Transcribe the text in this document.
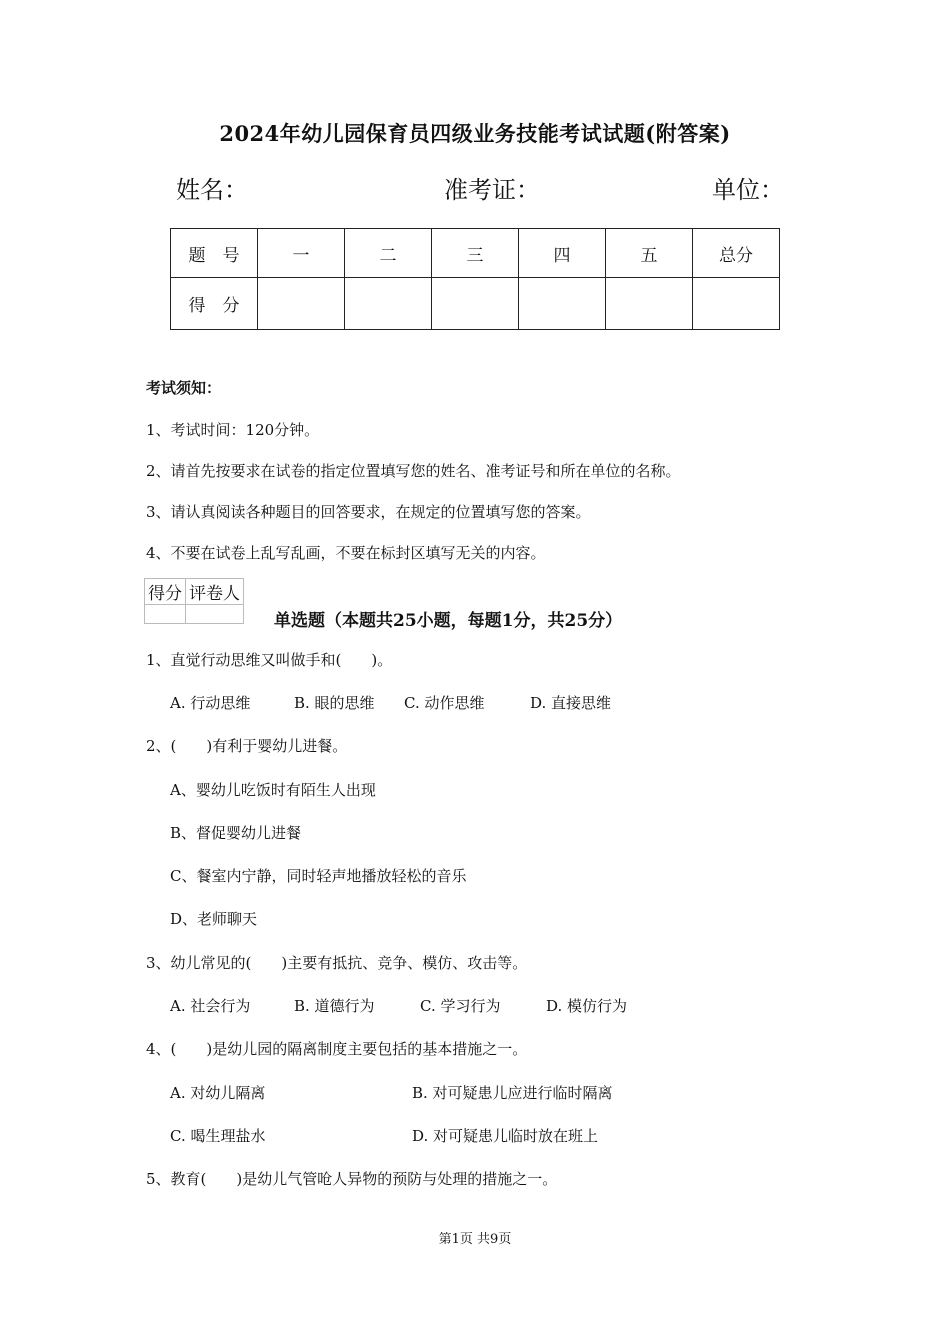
2024年幼儿园保育员四级业务技能考试试题(附答案)
姓名：	准考证：	单位：
题　号	一	二	三	四	五	总分
得　分						
考试须知：
1、考试时间：120分钟。
2、请首先按要求在试卷的指定位置填写您的姓名、准考证号和所在单位的名称。
3、请认真阅读各种题目的回答要求，在规定的位置填写您的答案。
4、不要在试卷上乱写乱画，不要在标封区填写无关的内容。
得分	评卷人

单选题（本题共25小题，每题1分，共25分）
1、直觉行动思维又叫做手和(　　)。
A. 行动思维	B. 眼的思维 C. 动作思维	D. 直接思维
2、(　　)有利于婴幼儿进餐。
A、婴幼儿吃饭时有陌生人出现
B、督促婴幼儿进餐
C、餐室内宁静，同时轻声地播放轻松的音乐
D、老师聊天
3、幼儿常见的(　　)主要有抵抗、竞争、模仿、攻击等。
A. 社会行为	B. 道德行为	C. 学习行为	D. 模仿行为
4、(　　)是幼儿园的隔离制度主要包括的基本措施之一。
A. 对幼儿隔离	B. 对可疑患儿应进行临时隔离
C. 喝生理盐水	D. 对可疑患儿临时放在班上
5、教育(　　)是幼儿气管呛人异物的预防与处理的措施之一。
第1页 共9页
